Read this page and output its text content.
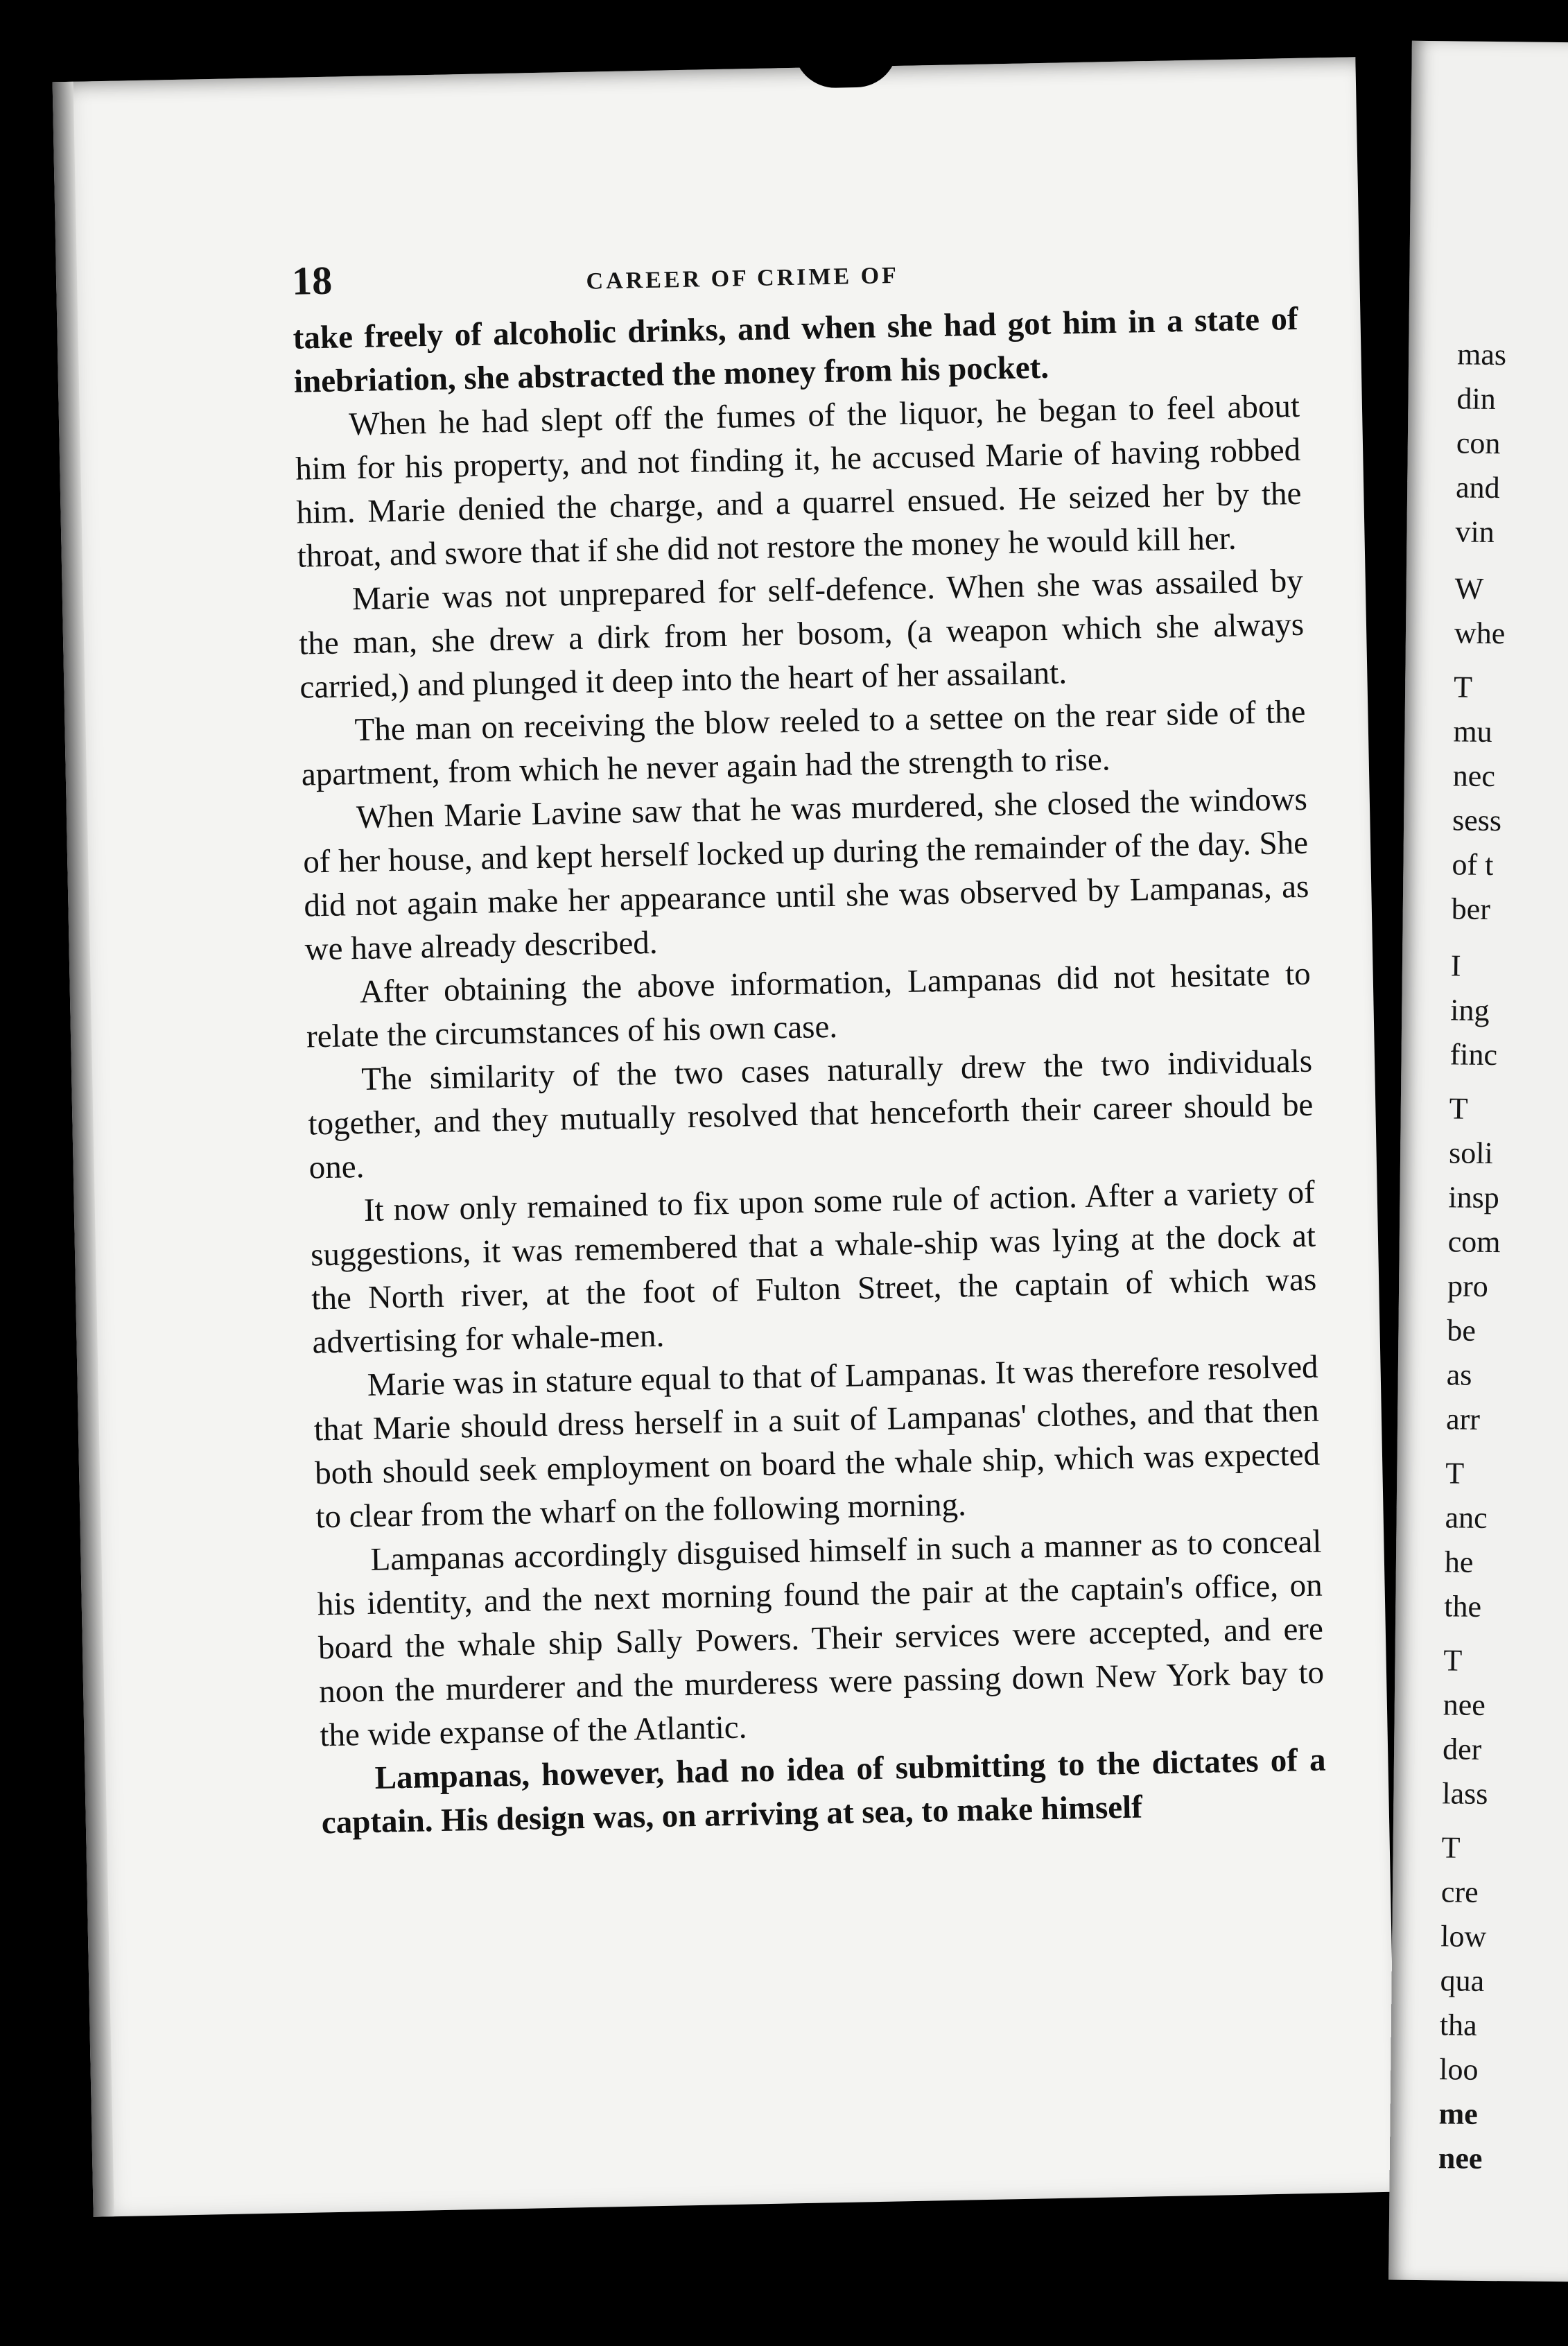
18	CAREER OF CRIME OF

take freely of alcoholic drinks, and when she had got him in a state of inebriation, she abstracted the money from his pocket.

When he had slept off the fumes of the liquor, he began to feel about him for his property, and not finding it, he accused Marie of having robbed him. Marie denied the charge, and a quarrel ensued. He seized her by the throat, and swore that if she did not restore the money he would kill her.

Marie was not unprepared for self-defence. When she was assailed by the man, she drew a dirk from her bosom, (a weapon which she always carried,) and plunged it deep into the heart of her assailant.

The man on receiving the blow reeled to a settee on the rear side of the apartment, from which he never again had the strength to rise.

When Marie Lavine saw that he was murdered, she closed the windows of her house, and kept herself locked up during the remainder of the day. She did not again make her appearance until she was observed by Lampanas, as we have already described.

After obtaining the above information, Lampanas did not hesitate to relate the circumstances of his own case.

The similarity of the two cases naturally drew the two individuals together, and they mutually resolved that henceforth their career should be one.

It now only remained to fix upon some rule of action. After a variety of suggestions, it was remembered that a whale-ship was lying at the dock at the North river, at the foot of Fulton Street, the captain of which was advertising for whale-men.

Marie was in stature equal to that of Lampanas. It was therefore resolved that Marie should dress herself in a suit of Lampanas' clothes, and that then both should seek employment on board the whale ship, which was expected to clear from the wharf on the following morning.

Lampanas accordingly disguised himself in such a manner as to conceal his identity, and the next morning found the pair at the captain's office, on board the whale ship Sally Powers. Their services were accepted, and ere noon the murderer and the murderess were passing down New York bay to the wide expanse of the Atlantic.

Lampanas, however, had no idea of submitting to the dictates of a captain. His design was, on arriving at sea, to make himself

mas
din
con
and
vin
W
whe
T
mu
nec
sess
of t
ber
I
ing
finc
T
soli
insp
com
pro
be
as
arr
T
anc
he
the
T
nee
der
lass
T
cre
low
qua
tha
loo
me
nee
